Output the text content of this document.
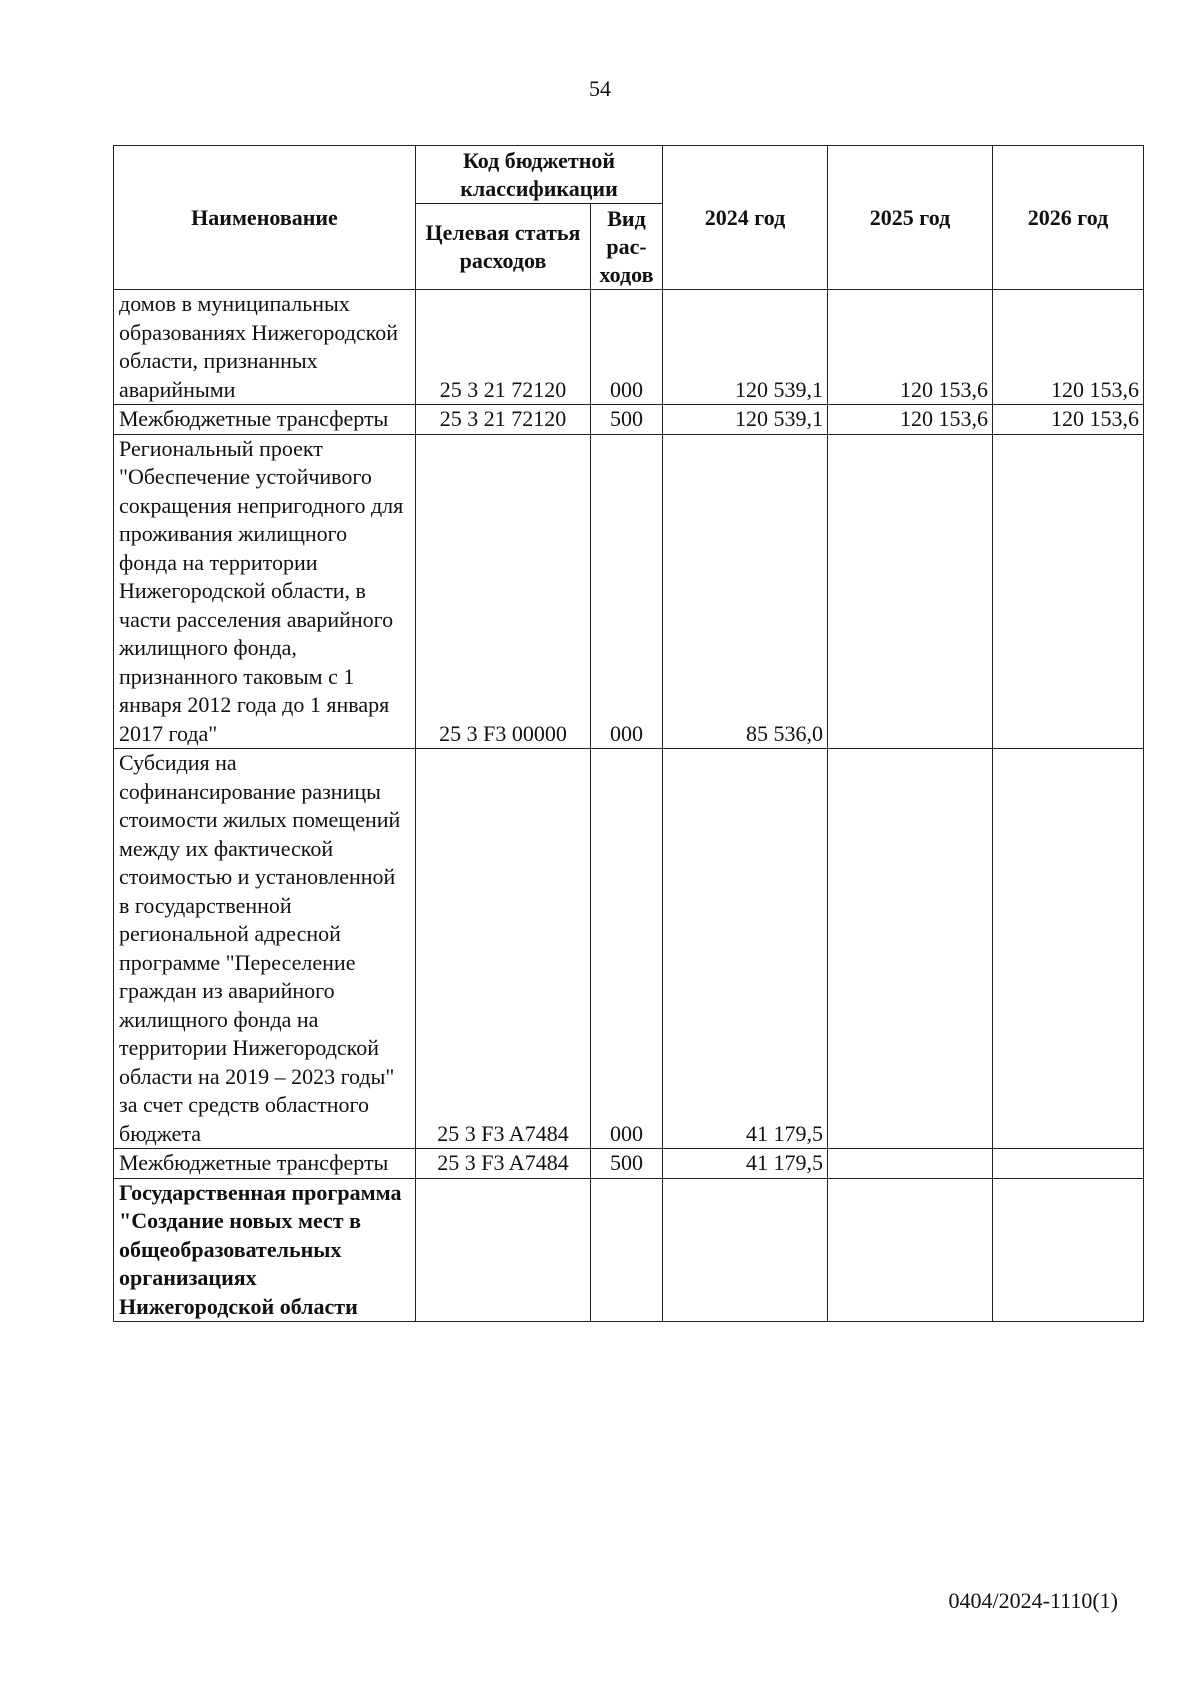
54
Наименование	Код бюджетной классификации		2024 год	2025 год	2026 год
	Целевая статья расходов	Вид рас-ходов			
домов в муниципальных образованиях Нижегородской области, признанных аварийными	25 3 21 72120	000	120 539,1	120 153,6	120 153,6
Межбюджетные трансферты	25 3 21 72120	500	120 539,1	120 153,6	120 153,6
Региональный проект "Обеспечение устойчивого сокращения непригодного для проживания жилищного фонда на территории Нижегородской области, в части расселения аварийного жилищного фонда, признанного таковым с 1 января 2012 года до 1 января 2017 года"	25 3 F3 00000	000	85 536,0		
Субсидия на софинансирование разницы стоимости жилых помещений между их фактической стоимостью и установленной в государственной региональной адресной программе "Переселение граждан из аварийного жилищного фонда на территории Нижегородской области на 2019 – 2023 годы" за счет средств областного бюджета	25 3 F3 A7484	000	41 179,5		
Межбюджетные трансферты	25 3 F3 A7484	500	41 179,5		
Государственная программа "Создание новых мест в общеобразовательных организациях Нижегородской области					
0404/2024-1110(1)
